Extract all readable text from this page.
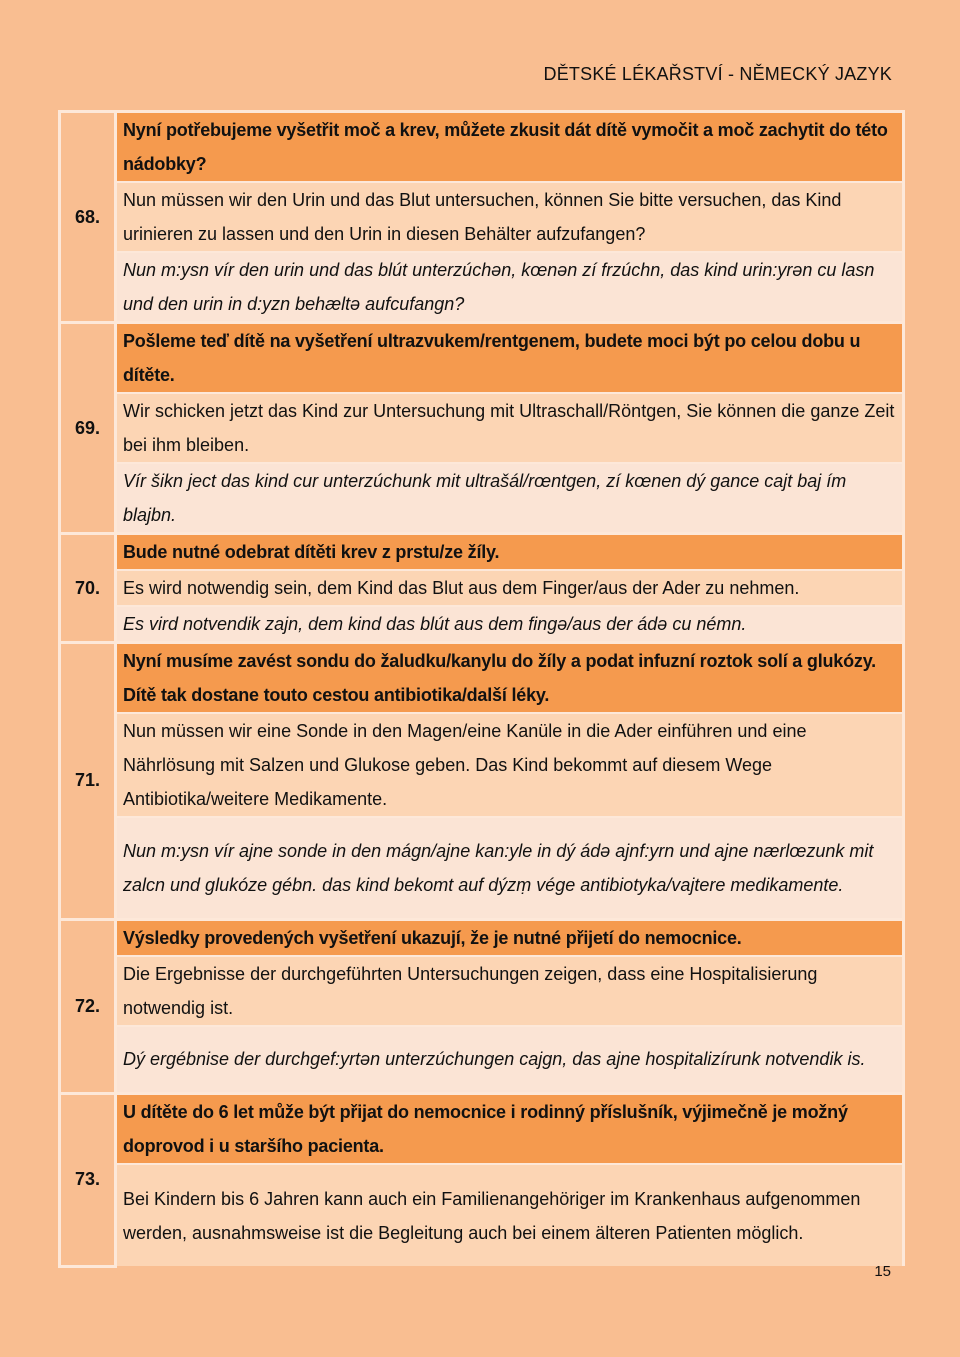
DĚTSKÉ LÉKAŘSTVÍ - NĚMECKÝ JAZYK
68.	Nyní potřebujeme vyšetřit moč a krev, můžete zkusit dát dítě vymočit a moč zachytit do této nádobky?
	Nun müssen wir den Urin und das Blut untersuchen, können Sie bitte versuchen, das Kind urinieren zu lassen und den Urin in diesen Behälter aufzufangen?
	Nun m:ysn vír den urin und das blút unterzúchən, kœnən zí frzúchn, das kind urin:yrən cu lasn und den urin in d:yzn behæltə aufcufangn?
69.	Pošleme teď dítě na vyšetření ultrazvukem/rentgenem, budete moci být po celou dobu u dítěte.
	Wir schicken jetzt das Kind zur Untersuchung mit Ultraschall/Röntgen, Sie können die ganze Zeit bei ihm bleiben.
	Vír šikn ject das kind cur unterzúchunk mit ultrašál/rœntgen, zí kœnen dý gance cajt baj ím blajbn.
70.	Bude nutné odebrat dítěti krev z prstu/ze žíly.
	Es wird notwendig sein, dem Kind das Blut aus dem Finger/aus der Ader zu nehmen.
	Es vird notvendik zajn, dem kind das blút aus dem fingə/aus der ádə cu némn.
71.	Nyní musíme zavést sondu do žaludku/kanylu do žíly a podat infuzní roztok solí a glukózy. Dítě tak dostane touto cestou antibiotika/další léky.
	Nun müssen wir eine Sonde in den Magen/eine Kanüle in die Ader einführen und eine Nährlösung mit Salzen und Glukose geben. Das Kind bekommt auf diesem Wege Antibiotika/weitere Medikamente.
	Nun m:ysn vír ajne sonde in den mágn/ajne kan:yle in dý ádə ajnf:yrn und ajne nærlœzunk mit zalcn und glukóze gébn. das kind bekomt auf dýzṃ vége antibiotyka/vajtere medikamente.
72.	Výsledky provedených vyšetření ukazují, že je nutné přijetí do nemocnice.
	Die Ergebnisse der durchgeführten Untersuchungen zeigen, dass eine Hospitalisierung notwendig ist.
	Dý ergébnise der durchgef:yrtən unterzúchungen cajgn, das ajne hospitalizírunk notvendik is.
73.	U dítěte do 6 let může být přijat do nemocnice i rodinný příslušník, výjimečně je možný doprovod i u staršího pacienta.
	Bei Kindern bis 6 Jahren kann auch ein Familienangehöriger im Krankenhaus aufgenommen werden, ausnahmsweise ist die Begleitung auch bei einem älteren Patienten möglich.
15
